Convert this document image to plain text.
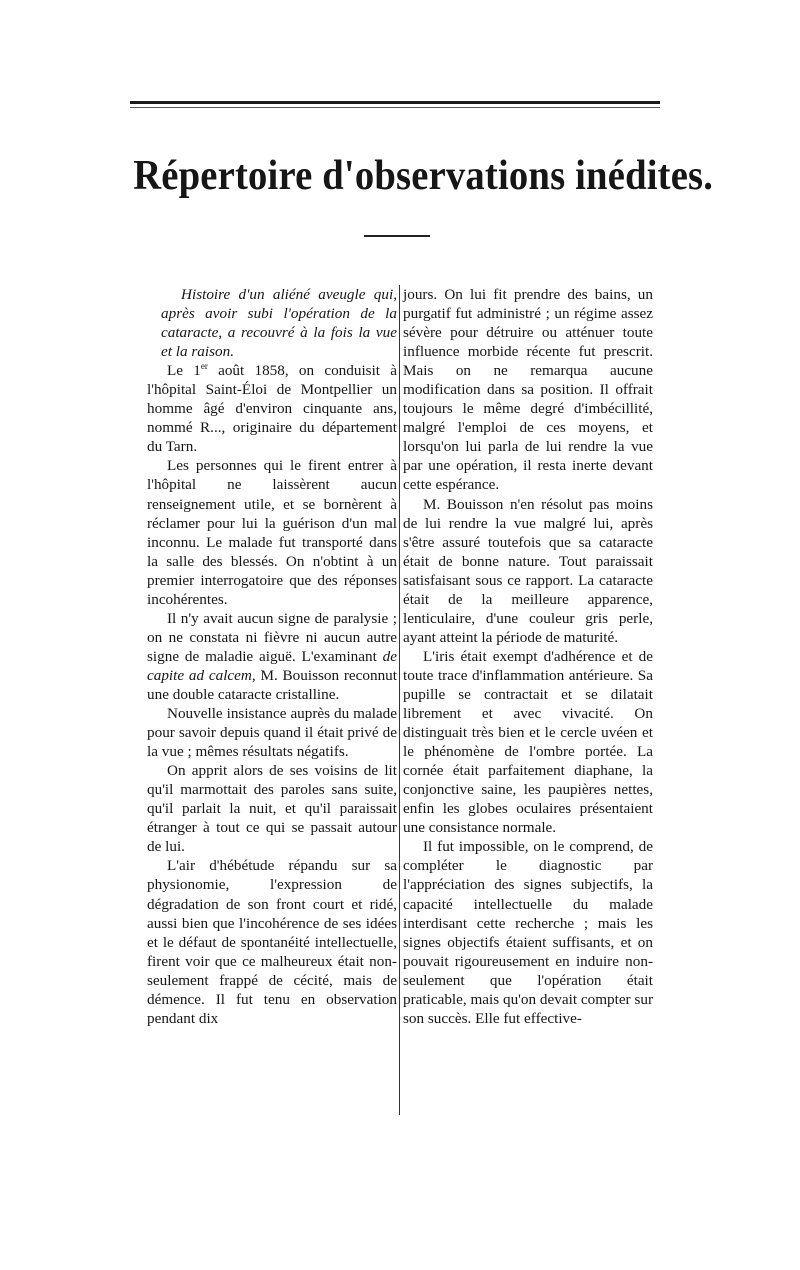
Répertoire d'observations inédites.

Histoire d'un aliéné aveugle qui, après avoir subi l'opération de la cataracte, a recouvré à la fois la vue et la raison.

Le 1er août 1858, on conduisit à l'hôpital Saint-Éloi de Montpellier un homme âgé d'environ cinquante ans, nommé R..., originaire du département du Tarn.

Les personnes qui le firent entrer à l'hôpital ne laissèrent aucun renseignement utile, et se bornèrent à réclamer pour lui la guérison d'un mal inconnu. Le malade fut transporté dans la salle des blessés. On n'obtint à un premier interrogatoire que des réponses incohérentes.

Il n'y avait aucun signe de paralysie ; on ne constata ni fièvre ni aucun autre signe de maladie aiguë. L'examinant de capite ad calcem, M. Bouisson reconnut une double cataracte cristalline.

Nouvelle insistance auprès du malade pour savoir depuis quand il était privé de la vue ; mêmes résultats négatifs.

On apprit alors de ses voisins de lit qu'il marmottait des paroles sans suite, qu'il parlait la nuit, et qu'il paraissait étranger à tout ce qui se passait autour de lui.

L'air d'hébétude répandu sur sa physionomie, l'expression de dégradation de son front court et ridé, aussi bien que l'incohérence de ses idées et le défaut de spontanéité intellectuelle, firent voir que ce malheureux était non-seulement frappé de cécité, mais de démence. Il fut tenu en observation pendant dix

jours. On lui fit prendre des bains, un purgatif fut administré ; un régime assez sévère pour détruire ou atténuer toute influence morbide récente fut prescrit. Mais on ne remarqua aucune modification dans sa position. Il offrait toujours le même degré d'imbécillité, malgré l'emploi de ces moyens, et lorsqu'on lui parla de lui rendre la vue par une opération, il resta inerte devant cette espérance.

M. Bouisson n'en résolut pas moins de lui rendre la vue malgré lui, après s'être assuré toutefois que sa cataracte était de bonne nature. Tout paraissait satisfaisant sous ce rapport. La cataracte était de la meilleure apparence, lenticulaire, d'une couleur gris perle, ayant atteint la période de maturité.

L'iris était exempt d'adhérence et de toute trace d'inflammation antérieure. Sa pupille se contractait et se dilatait librement et avec vivacité. On distinguait très bien et le cercle uvéen et le phénomène de l'ombre portée. La cornée était parfaitement diaphane, la conjonctive saine, les paupières nettes, enfin les globes oculaires présentaient une consistance normale.

Il fut impossible, on le comprend, de compléter le diagnostic par l'appréciation des signes subjectifs, la capacité intellectuelle du malade interdisant cette recherche ; mais les signes objectifs étaient suffisants, et on pouvait rigoureusement en induire non-seulement que l'opération était praticable, mais qu'on devait compter sur son succès. Elle fut effective-
